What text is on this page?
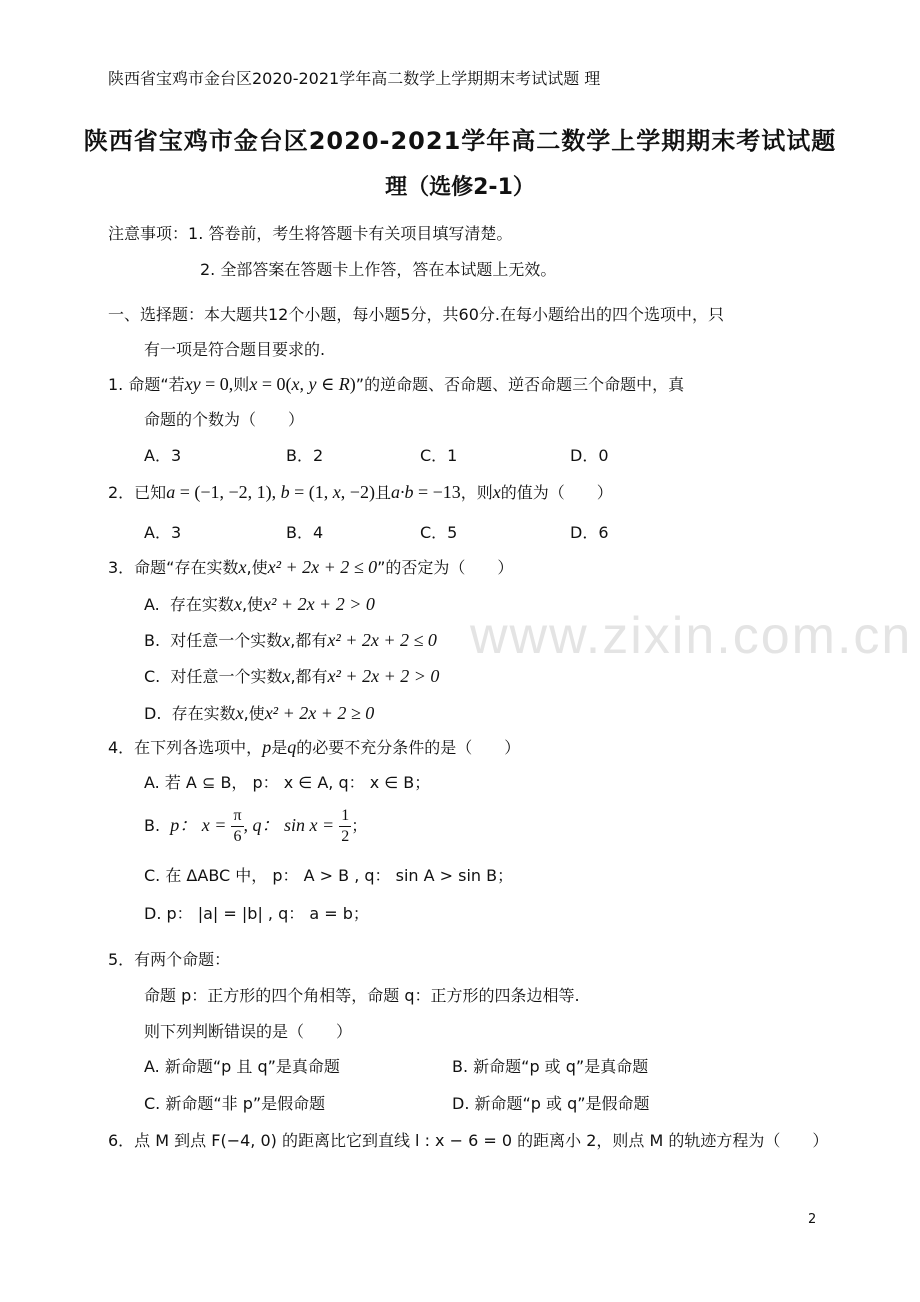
www.zixin.com.cn
陕西省宝鸡市金台区2020-2021学年高二数学上学期期末考试试题 理
陕西省宝鸡市金台区2020-2021学年高二数学上学期期末考试试题
理（选修2-1）
注意事项：1. 答卷前，考生将答题卡有关项目填写清楚。
2. 全部答案在答题卡上作答，答在本试题上无效。
一、选择题：本大题共12个小题，每小题5分，共60分.在每小题给出的四个选项中，只
有一项是符合题目要求的.
1. 命题“若xy = 0,则x = 0(x, y ∈ R)”的逆命题、否命题、逆否命题三个命题中，真
命题的个数为（　　）
A．3	B．2	C．1	D．0
2．已知a = (−1, −2, 1), b = (1, x, −2)且a·b = −13，则x的值为（　　）
A．3	B．4	C．5	D．6
3．命题“存在实数x,使x² + 2x + 2 ≤ 0”的否定为（　　）
A. 存在实数x,使x² + 2x + 2 > 0
B. 对任意一个实数x,都有x² + 2x + 2 ≤ 0
C. 对任意一个实数x,都有x² + 2x + 2 > 0
D. 存在实数x,使x² + 2x + 2 ≥ 0
4．在下列各选项中，p是q的必要不充分条件的是（　　）
A. 若 A ⊆ B， p： x ∈ A, q： x ∈ B；
B. p： $x = \frac{\pi}{6}$ , q： $\sin x = \frac{1}{2}$ ；
C. 在 ΔABC 中， p： A > B , q： sin A > sin B；
D. p： |a| = |b| , q： a = b；
5．有两个命题：
命题 p：正方形的四个角相等，命题 q：正方形的四条边相等.
则下列判断错误的是（　　）
A. 新命题“p 且 q”是真命题	B. 新命题“p 或 q”是真命题
C. 新命题“非 p”是假命题	D. 新命题“p 或 q”是假命题
6．点 M 到点 F(−4, 0) 的距离比它到直线 l : x − 6 = 0 的距离小 2，则点 M 的轨迹方程为（　　）
2
